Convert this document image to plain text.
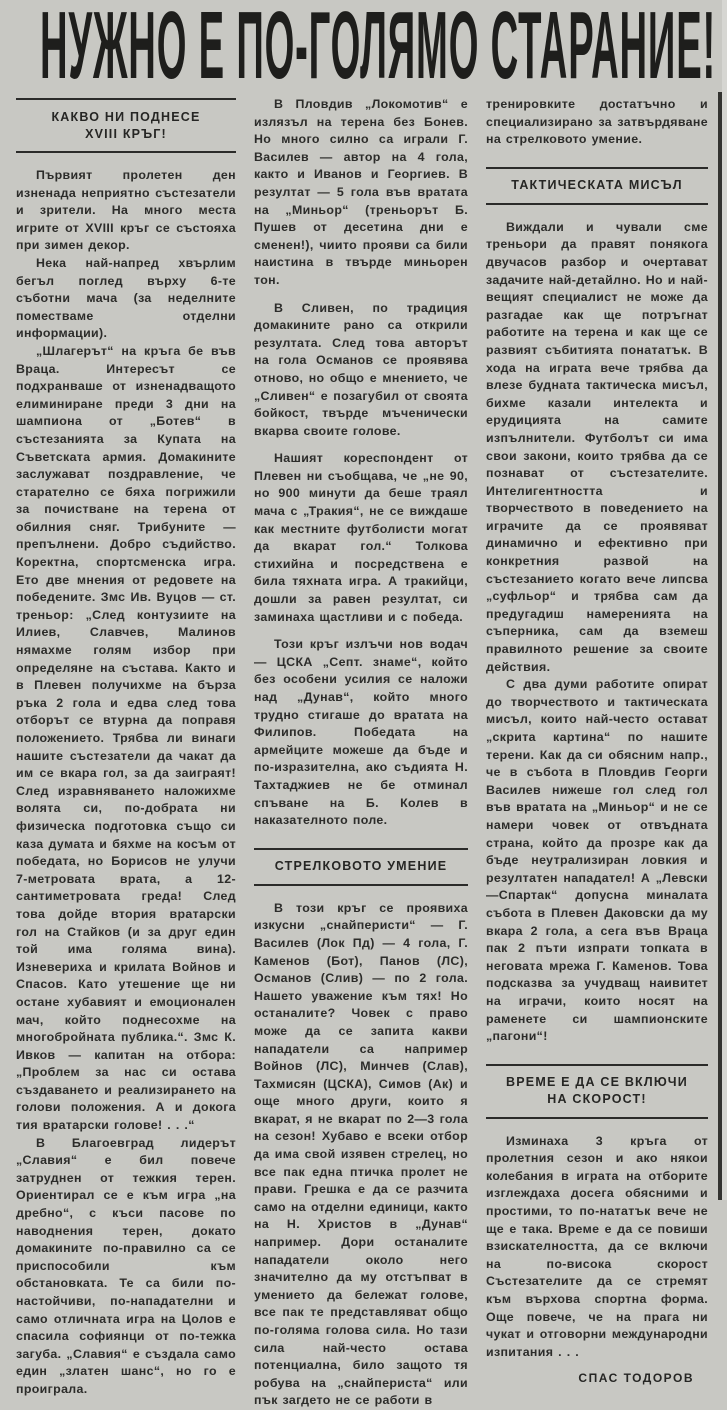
НУЖНО Е ПО-ГОЛЯМО СТАРАНИЕ!
КАКВО НИ ПОДНЕСЕ
XVIII КРЪГ!

Първият пролетен ден изненада неприятно състезатели и зрители. На много места игрите от XVIII кръг се състояха при зимен декор.

Нека най-напред хвърлим бегъл поглед върху 6-те съботни мача (за неделните поместваме отделни информации).

„Шлагерът“ на кръга бе във Враца. Интересът се подхранваше от изненадващото елиминиране преди 3 дни на шампиона от „Ботев“ в състезанията за Купата на Съветската армия. Домакините заслужават поздравление, че старателно се бяха погрижили за почистване на терена от обилния сняг. Трибуните — препълнени. Добро съдийство. Коректна, спортсменска игра. Ето две мнения от редовете на победените. Змс Ив. Вуцов — ст. треньор: „След контузиите на Илиев, Славчев, Малинов нямахме голям избор при определяне на състава. Както и в Плевен получихме на бърза ръка 2 гола и едва след това отборът се втурна да поправя положението. Трябва ли винаги нашите състезатели да чакат да им се вкара гол, за да заиграят! След изравняването наложихме волята си, по-добрата ни физическа подготовка също си каза думата и бяхме на косъм от победата, но Борисов не улучи 7-метровата врата, а 12-сантиметровата греда! След това дойде втория вратарски гол на Стайков (и за друг един той има голяма вина). Изневериха и крилата Войнов и Спасов. Като утешение ще ни остане хубавият и емоционален мач, който поднесохме на многобройната публика.“. Змс К. Ивков — капитан на отбора: „Проблем за нас си остава създаването и реализирането на голови положения. А и докога тия вратарски голове! . . .“

В Благоевград лидерът „Славия“ е бил повече затруднен от тежкия терен. Ориентирал се е към игра „на дребно“, с къси пасове по наводнения терен, докато домакините по-правилно са се приспособили към обстановката. Те са били по-настойчиви, по-нападателни и само отличната игра на Цолов е спасила софиянци от по-тежка загуба. „Славия“ е създала само един „златен шанс“, но го е проиграла.

В Пловдив „Локомотив“ е излязъл на терена без Бонев. Но много силно са играли Г. Василев — автор на 4 гола, както и Иванов и Георгиев. В резултат — 5 гола във вратата на „Миньор“ (треньорът Б. Пушев от десетина дни е сменен!), чиито прояви са били наистина в твърде миньорен тон.

В Сливен, по традиция домакините рано са открили резултата. След това авторът на гола Османов се проявява отново, но общо е мнението, че „Сливен“ е позагубил от своята бойкост, твърде мъченически вкарва своите голове.

Нашият кореспондент от Плевен ни съобщава, че „не 90, но 900 минути да беше траял мача с „Тракия“, не се виждаше как местните футболисти могат да вкарат гол.“ Толкова стихийна и посредствена е била тяхната игра. А тракийци, дошли за равен резултат, си заминаха щастливи и с победа.

Този кръг излъчи нов водач — ЦСКА „Септ. знаме“, който без особени усилия се наложи над „Дунав“, който много трудно стигаше до вратата на Филипов. Победата на армейците можеше да бъде и по-изразителна, ако съдията Н. Тахтаджиев не бе отминал спъване на Б. Колев в наказателното поле.

СТРЕЛКОВОТО УМЕНИЕ

В този кръг се проявиха изкусни „снайперисти“ — Г. Василев (Лок Пд) — 4 гола, Г. Каменов (Бот), Панов (ЛС), Османов (Слив) — по 2 гола. Нашето уважение към тях! Но останалите? Човек с право може да се запита какви нападатели са например Войнов (ЛС), Минчев (Слав), Тахмисян (ЦСКА), Симов (Ак) и още много други, които я вкарат, я не вкарат по 2—3 гола на сезон! Хубаво е всеки отбор да има свой изявен стрелец, но все пак една птичка пролет не прави. Грешка е да се разчита само на отделни единици, както на Н. Христов в „Дунав“ например. Дори останалите нападатели около него значително да му отстъпват в умението да бележат голове, все пак те представляват общо по-голяма голова сила. Но тази сила най-често остава потенциална, било защото тя робува на „снайпериста“ или пък загдето не се работи в

тренировките достатъчно и специализирано за затвърдяване на стрелковото умение.

ТАКТИЧЕСКАТА МИСЪЛ

Виждали и чували сме треньори да правят понякога двучасов разбор и очертават задачите най-детайлно. Но и най-вещият специалист не може да разгадае как ще потръгнат работите на терена и как ще се развият събитията понататък. В хода на играта вече трябва да влезе будната тактическа мисъл, бихме казали интелекта и ерудицията на самите изпълнители. Футболът си има свои закони, които трябва да се познават от състезателите. Интелигентността и творчеството в поведението на играчите да се проявяват динамично и ефективно при конкретния развой на състезанието когато вече липсва „суфльор“ и трябва сам да предугадиш намеренията на съперника, сам да вземеш правилното решение за своите действия.

С два думи работите опират до творчеството и тактическата мисъл, които най-често остават „скрита картина“ по нашите терени. Как да си обясним напр., че в събота в Пловдив Георги Василев нижеше гол след гол във вратата на „Миньор“ и не се намери човек от отвъдната страна, който да прозре как да бъде неутрализиран ловкия и резултатен нападател! А „Левски—Спартак“ допусна миналата събота в Плевен Даковски да му вкара 2 гола, а сега във Враца пак 2 пъти изпрати топката в неговата мрежа Г. Каменов. Това подсказва за учудващ наивитет на играчи, които носят на раменете си шампионските „пагони“!

ВРЕМЕ Е ДА СЕ ВКЛЮЧИ
НА СКОРОСТ!

Изминаха 3 кръга от пролетния сезон и ако някои колебания в играта на отборите изглеждаха досега обясними и простими, то по-нататък вече не ще е така. Време е да се повиши взискателността, да се включи на по-висока скорост Състезателите да се стремят към върхова спортна форма. Още повече, че на прага ни чукат и отговорни международни изпитания . . .

СПАС ТОДОРОВ
